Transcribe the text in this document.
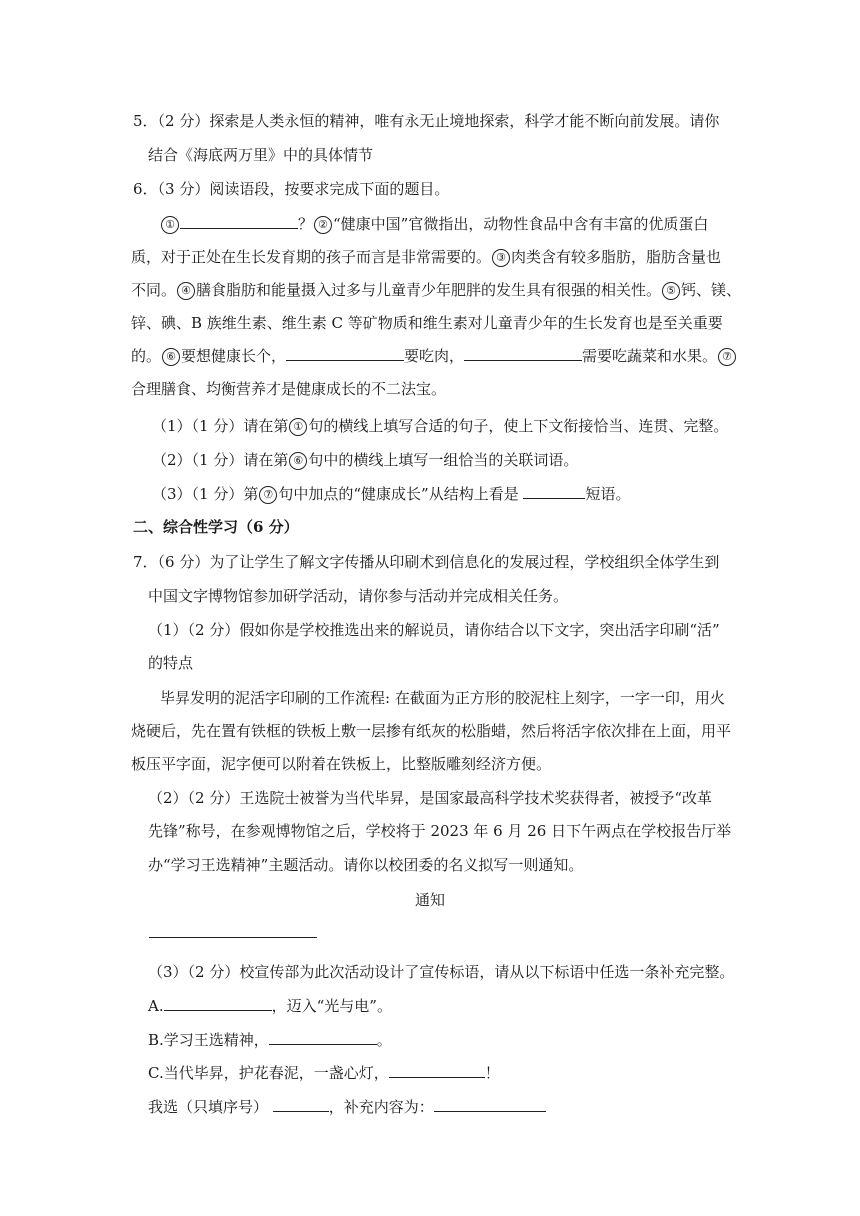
5．（2 分）探索是人类永恒的精神，唯有永无止境地探索，科学才能不断向前发展。请你
结合《海底两万里》中的具体情节
6．（3 分）阅读语段，按要求完成下面的题目。
①	？ ② “健康中国”官微指出，动物性食品中含有丰富的优质蛋白
质，对于正处在生长发育期的孩子而言是非常需要的。 ③ 肉类含有较多脂肪，脂肪含量也
不同。 ④ 膳食脂肪和能量摄入过多与儿童青少年肥胖的发生具有很强的相关性。 ⑤ 钙、镁、
锌、碘、B 族维生素、维生素 C 等矿物质和维生素对儿童青少年的生长发育也是至关重要
的。 ⑥ 要想健康长个，	要吃肉，	需要吃蔬菜和水果。 ⑦
合理膳食、均衡营养才是健康成长的不二法宝。
（1）（1 分）请在第 ① 句的横线上填写合适的句子，使上下文衔接恰当、连贯、完整。
（2）（1 分）请在第 ⑥ 句中的横线上填写一组恰当的关联词语。
（3）（1 分）第 ⑦ 句中加点的“健康成长”从结构上看是	短语。
二、综合性学习（6 分）
7．（6 分）为了让学生了解文字传播从印刷术到信息化的发展过程，学校组织全体学生到
中国文字博物馆参加研学活动，请你参与活动并完成相关任务。
（1）（2 分）假如你是学校推选出来的解说员，请你结合以下文字，突出活字印刷“活”
的特点
毕昇发明的泥活字印刷的工作流程: 在截面为正方形的胶泥柱上刻字，一字一印，用火
烧硬后，先在置有铁框的铁板上敷一层掺有纸灰的松脂蜡，然后将活字依次排在上面，用平
板压平字面，泥字便可以附着在铁板上，比整版雕刻经济方便。
（2）（2 分）王选院士被誉为当代毕昇，是国家最高科学技术奖获得者，被授予“改革
先锋”称号，在参观博物馆之后，学校将于 2023 年 6 月 26 日下午两点在学校报告厅举
办“学习王选精神”主题活动。请你以校团委的名义拟写一则通知。
通知
（3）（2 分）校宣传部为此次活动设计了宣传标语，请从以下标语中任选一条补充完整。
A.	，迈入“光与电”。
B.学习王选精神，	。
C.当代毕昇，护花春泥，一盏心灯，	！
我选（只填序号）	，补充内容为：
